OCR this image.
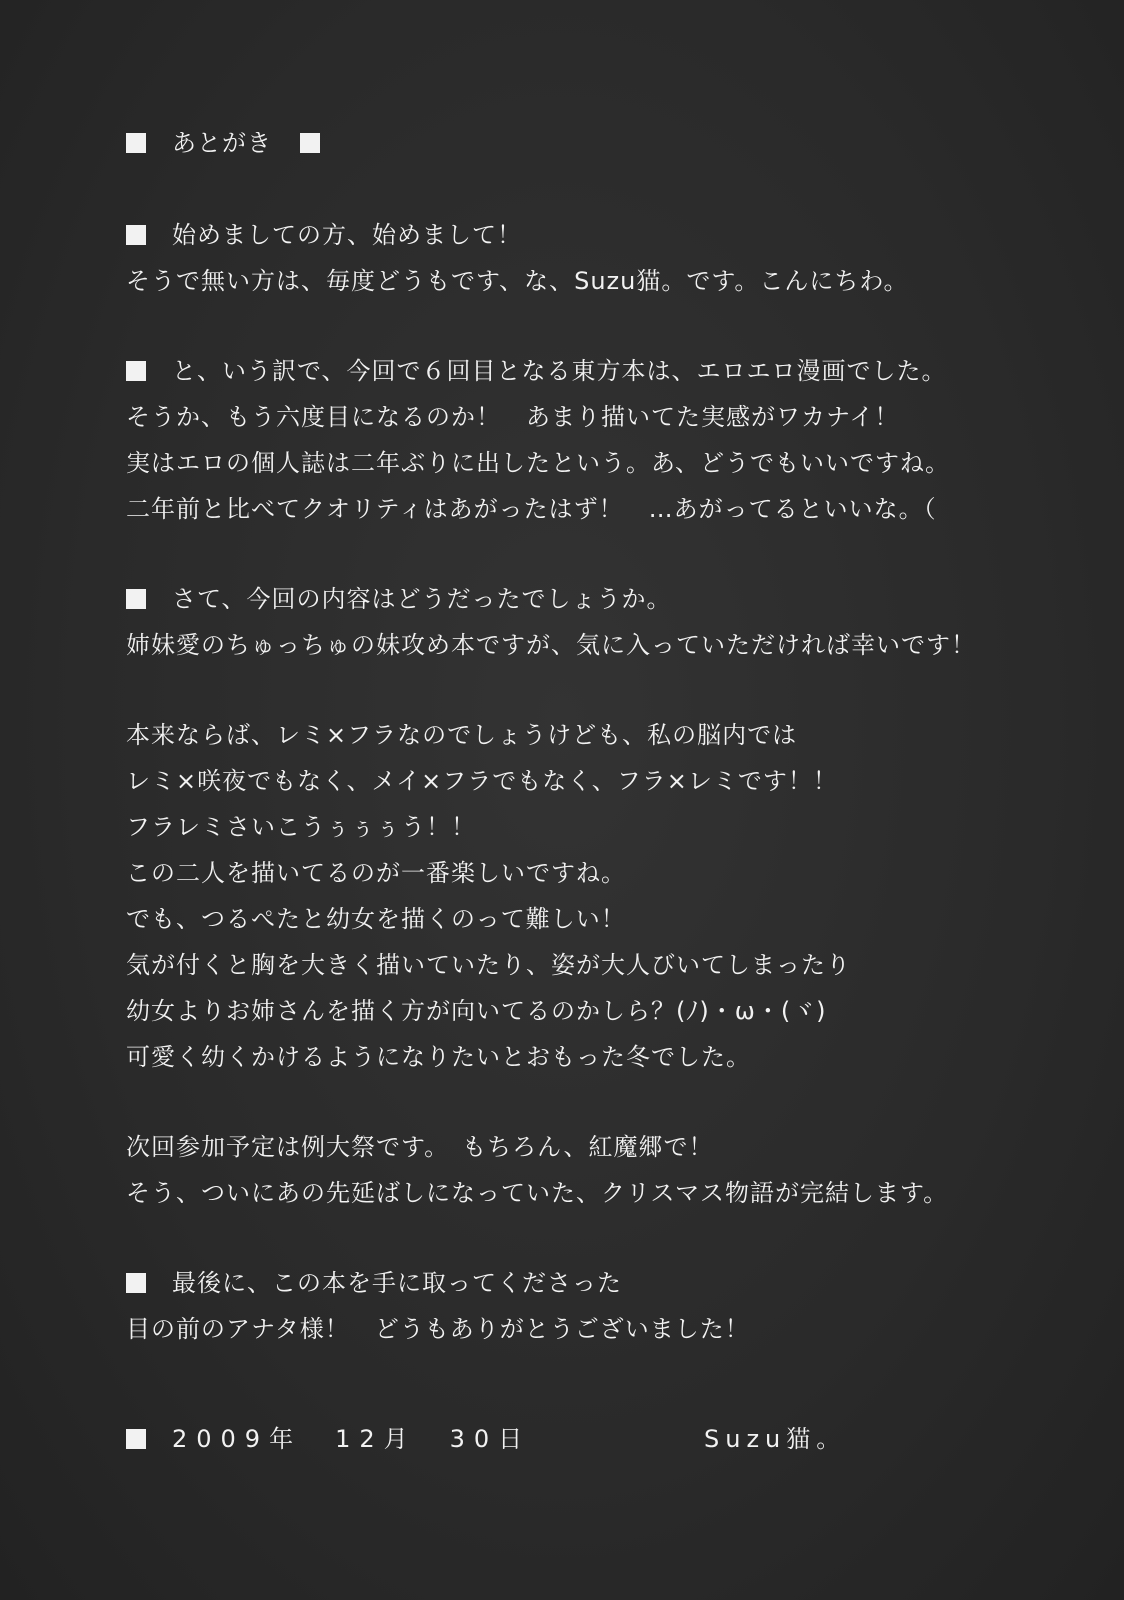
あとがき
始めましての方、始めまして！
そうで無い方は、毎度どうもです、な、Suzu猫。です。こんにちわ。
と、いう訳で、今回で６回目となる東方本は、エロエロ漫画でした。
そうか、もう六度目になるのか！　あまり描いてた実感がワカナイ！
実はエロの個人誌は二年ぶりに出したという。あ、どうでもいいですね。
二年前と比べてクオリティはあがったはず！　…あがってるといいな。（
さて、今回の内容はどうだったでしょうか。
姉妹愛のちゅっちゅの妹攻め本ですが、気に入っていただければ幸いです！
本来ならば、レミ×フラなのでしょうけども、私の脳内では
レミ×咲夜でもなく、メイ×フラでもなく、フラ×レミです！！
フラレミさいこうぅぅぅう！！
この二人を描いてるのが一番楽しいですね。
でも、つるぺたと幼女を描くのって難しい！
気が付くと胸を大きく描いていたり、姿が大人びいてしまったり
幼女よりお姉さんを描く方が向いてるのかしら？(ﾉ)・ω・(ヾ)
可愛く幼くかけるようになりたいとおもった冬でした。
次回参加予定は例大祭です。　もちろん、紅魔郷で！
そう、ついにあの先延ばしになっていた、クリスマス物語が完結します。
最後に、この本を手に取ってくださった
目の前のアナタ様！　どうもありがとうございました！
2009年　12月　30日	Suzu猫。
